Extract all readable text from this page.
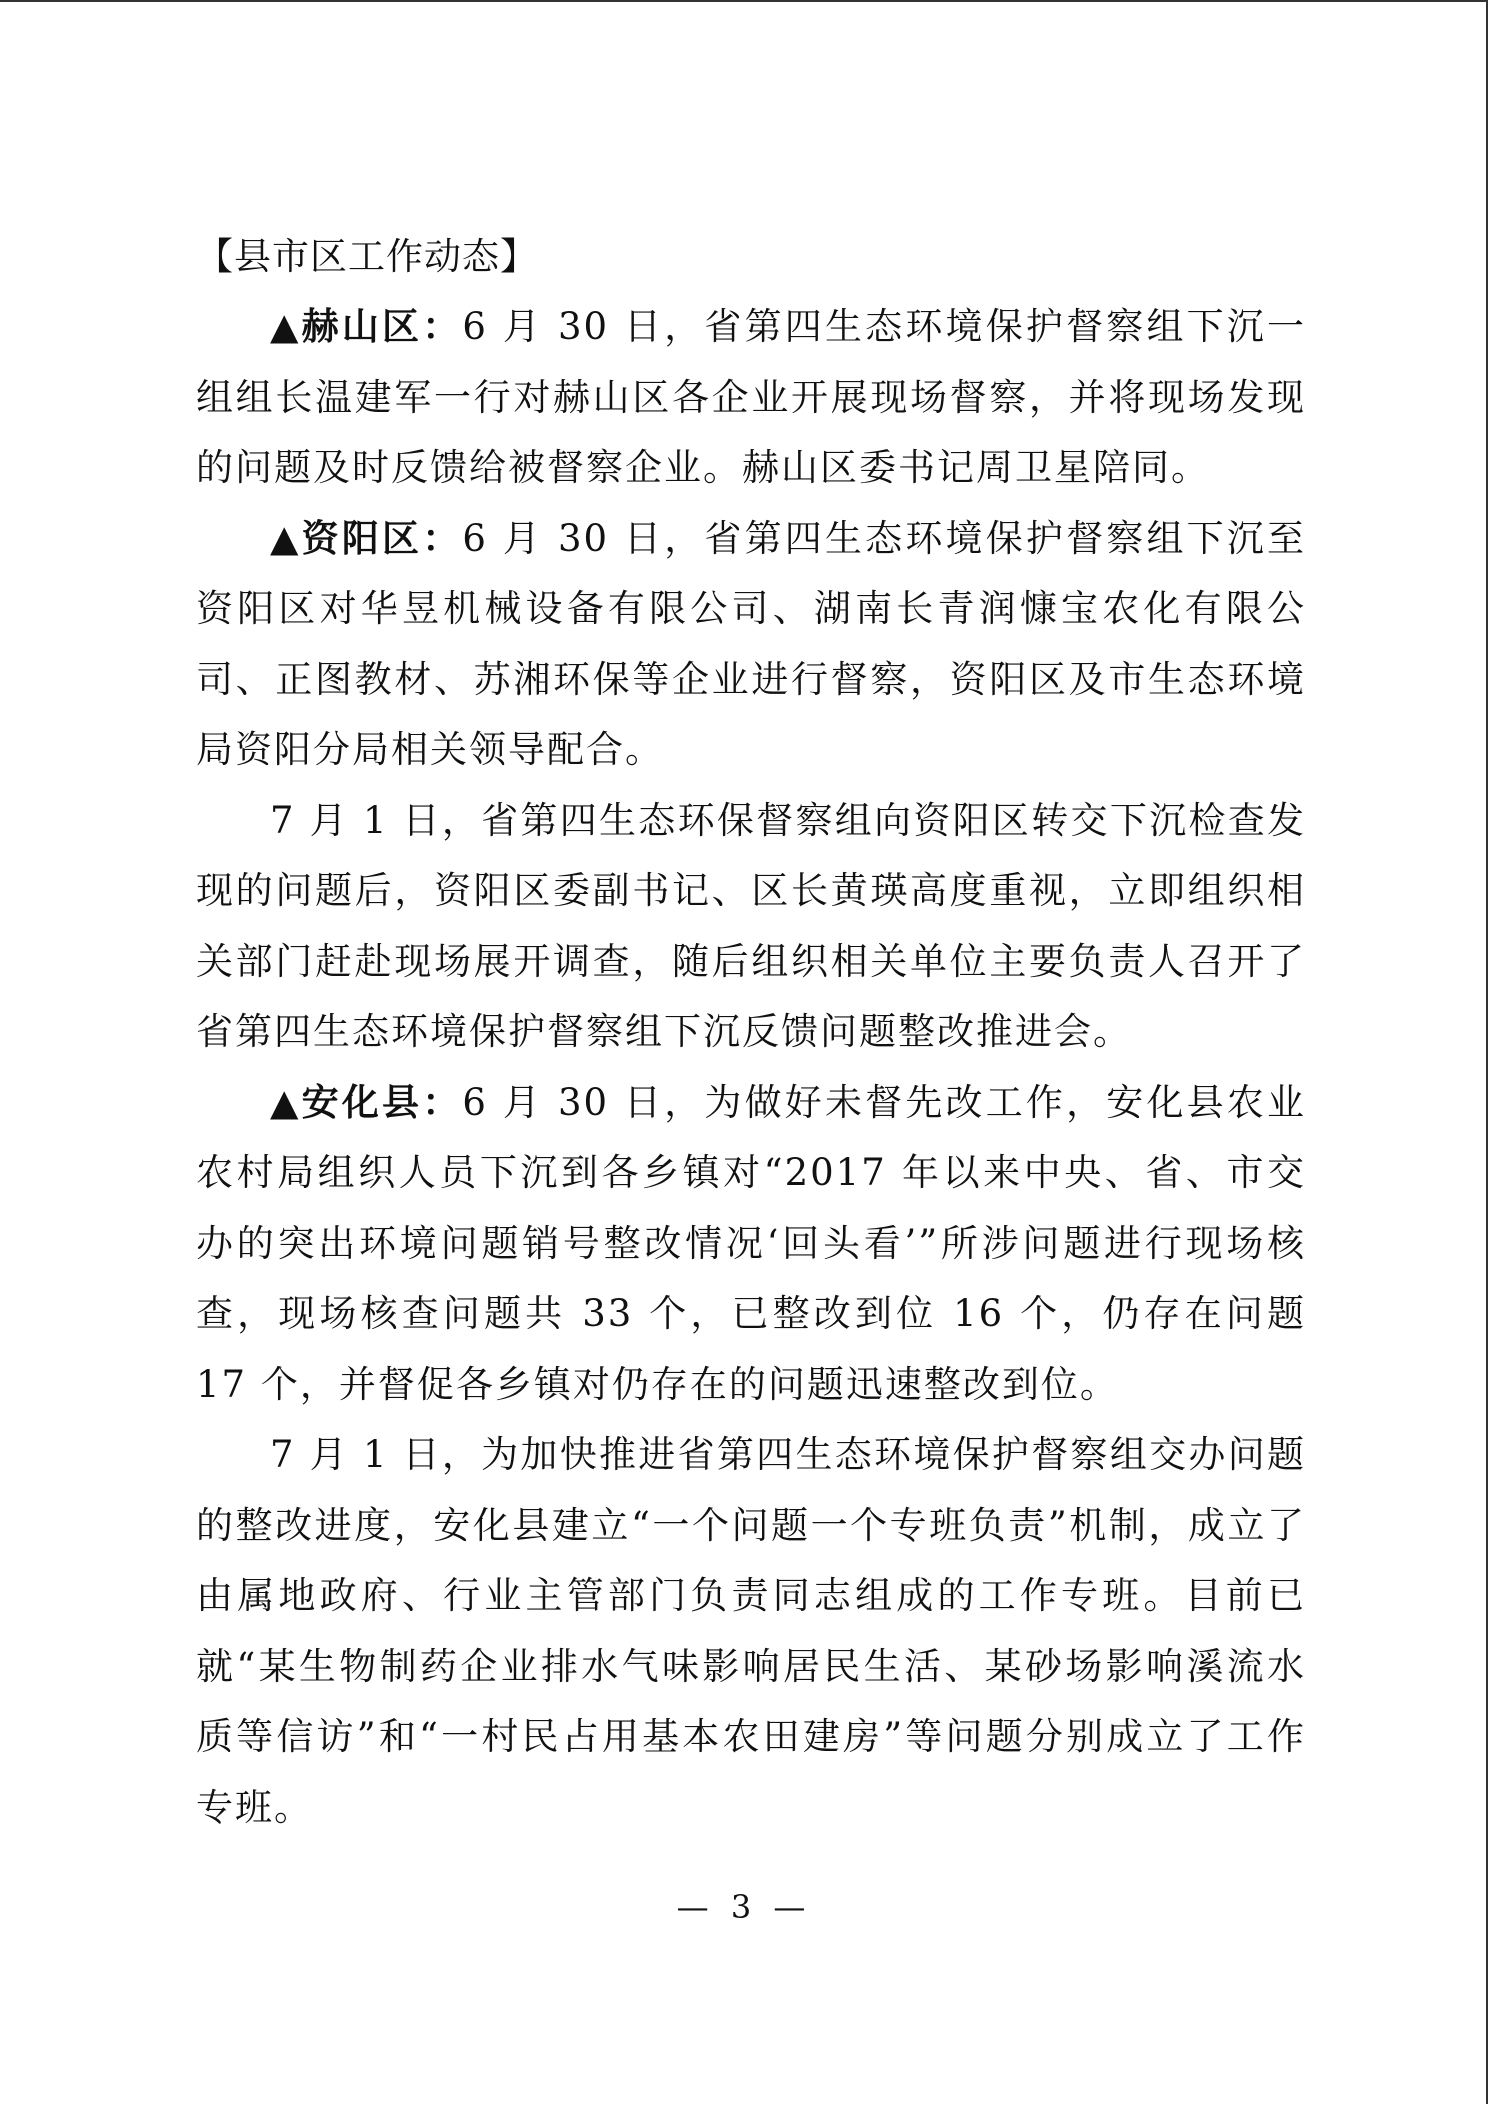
【县市区工作动态】

▲赫山区：6 月 30 日，省第四生态环境保护督察组下沉一组组长温建军一行对赫山区各企业开展现场督察，并将现场发现的问题及时反馈给被督察企业。赫山区委书记周卫星陪同。

▲资阳区：6 月 30 日，省第四生态环境保护督察组下沉至资阳区对华昱机械设备有限公司、湖南长青润慷宝农化有限公司、正图教材、苏湘环保等企业进行督察，资阳区及市生态环境局资阳分局相关领导配合。

7 月 1 日，省第四生态环保督察组向资阳区转交下沉检查发现的问题后，资阳区委副书记、区长黄瑛高度重视，立即组织相关部门赶赴现场展开调查，随后组织相关单位主要负责人召开了省第四生态环境保护督察组下沉反馈问题整改推进会。

▲安化县：6 月 30 日，为做好未督先改工作，安化县农业农村局组织人员下沉到各乡镇对“2017 年以来中央、省、市交办的突出环境问题销号整改情况‘回头看’”所涉问题进行现场核查，现场核查问题共 33 个，已整改到位 16 个，仍存在问题 17 个，并督促各乡镇对仍存在的问题迅速整改到位。

7 月 1 日，为加快推进省第四生态环境保护督察组交办问题的整改进度，安化县建立“一个问题一个专班负责”机制，成立了由属地政府、行业主管部门负责同志组成的工作专班。目前已就“某生物制药企业排水气味影响居民生活、某砂场影响溪流水质等信访”和“一村民占用基本农田建房”等问题分别成立了工作专班。

— 3 —
